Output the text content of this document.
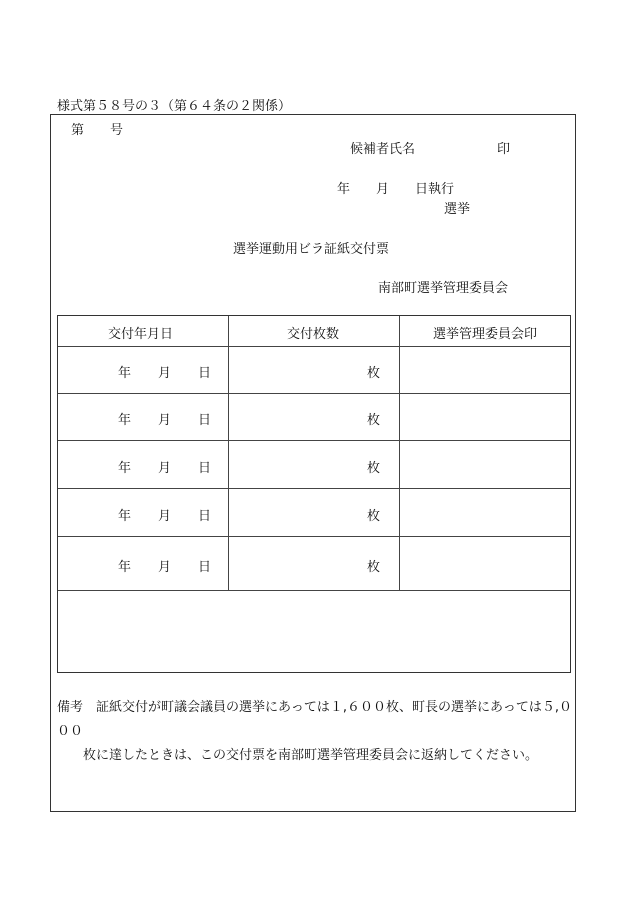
様式第５８号の３（第６４条の２関係）
第　　号
候補者氏名	印
年　　月　　日執行
選挙
選挙運動用ビラ証紙交付票
南部町選挙管理委員会
交付年月日	交付枚数	選挙管理委員会印
年 月 日	枚
年 月 日	枚
年 月 日	枚
年 月 日	枚
年 月 日	枚
備考　証紙交付が町議会議員の選挙にあっては１,６００枚、町長の選挙にあっては５,０００
枚に達したときは、この交付票を南部町選挙管理委員会に返納してください。
